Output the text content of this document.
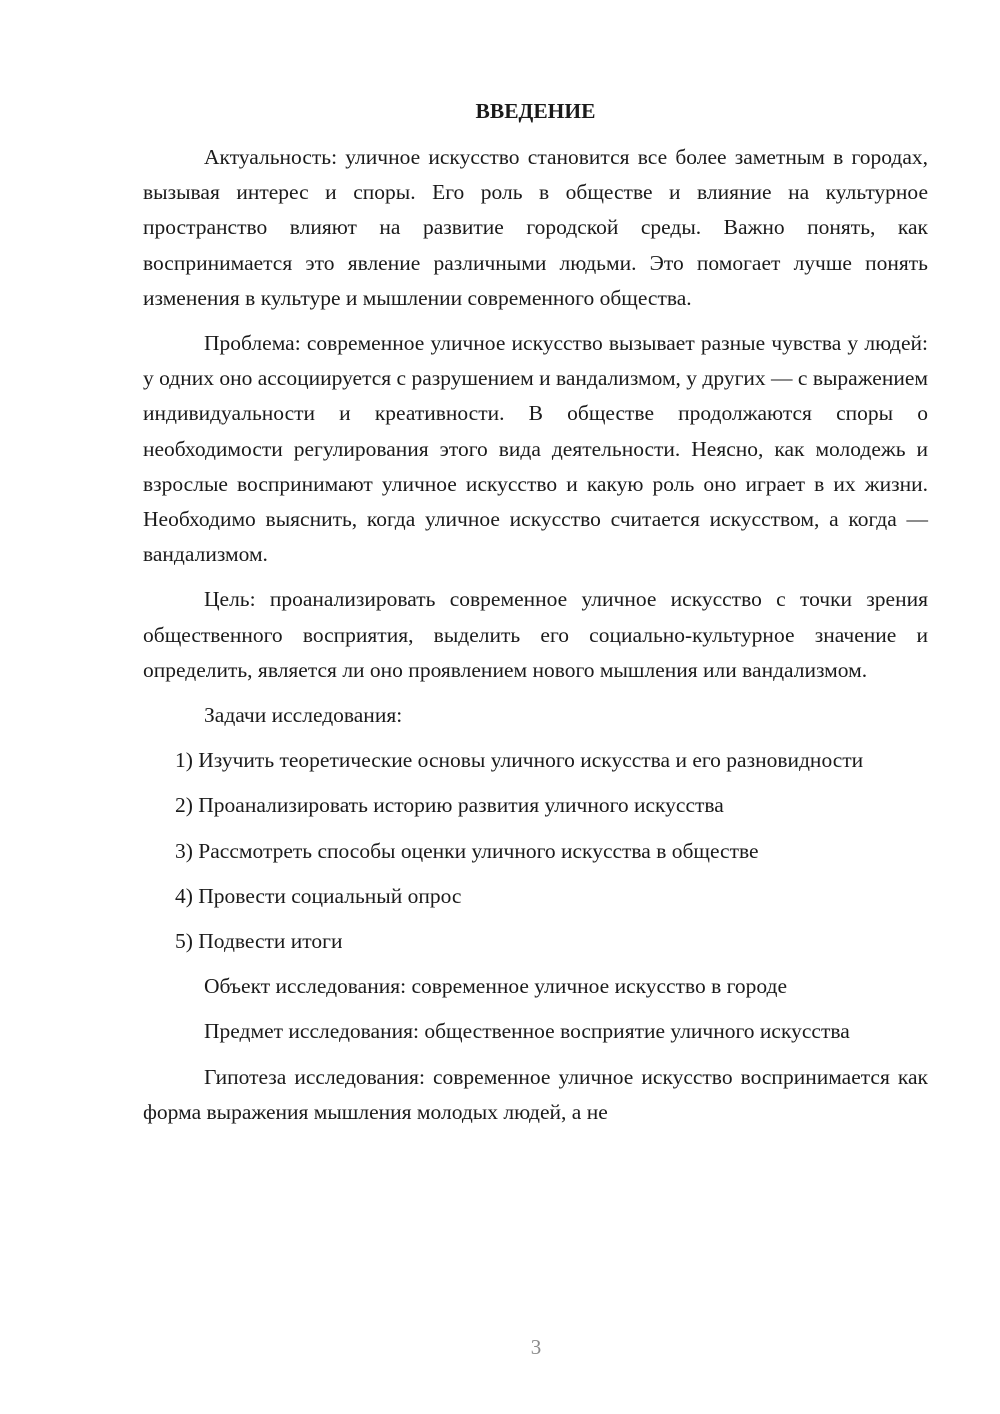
ВВЕДЕНИЕ
Актуальность: уличное искусство становится все более заметным в городах, вызывая интерес и споры. Его роль в обществе и влияние на культурное пространство влияют на развитие городской среды. Важно понять, как воспринимается это явление различными людьми. Это помогает лучше понять изменения в культуре и мышлении современного общества.
Проблема: современное уличное искусство вызывает разные чувства у людей: у одних оно ассоциируется с разрушением и вандализмом, у других — с выражением индивидуальности и креативности. В обществе продолжаются споры о необходимости регулирования этого вида деятельности. Неясно, как молодежь и взрослые воспринимают уличное искусство и какую роль оно играет в их жизни. Необходимо выяснить, когда уличное искусство считается искусством, а когда — вандализмом.
Цель: проанализировать современное уличное искусство с точки зрения общественного восприятия, выделить его социально-культурное значение и определить, является ли оно проявлением нового мышления или вандализмом.
Задачи исследования:
1) Изучить теоретические основы уличного искусства и его разновидности
2) Проанализировать историю развития уличного искусства
3) Рассмотреть способы оценки уличного искусства в обществе
4) Провести социальный опрос
5) Подвести итоги
Объект исследования: современное уличное искусство в городе
Предмет исследования: общественное восприятие уличного искусства
Гипотеза исследования: современное уличное искусство воспринимается как форма выражения мышления молодых людей, а не
3
